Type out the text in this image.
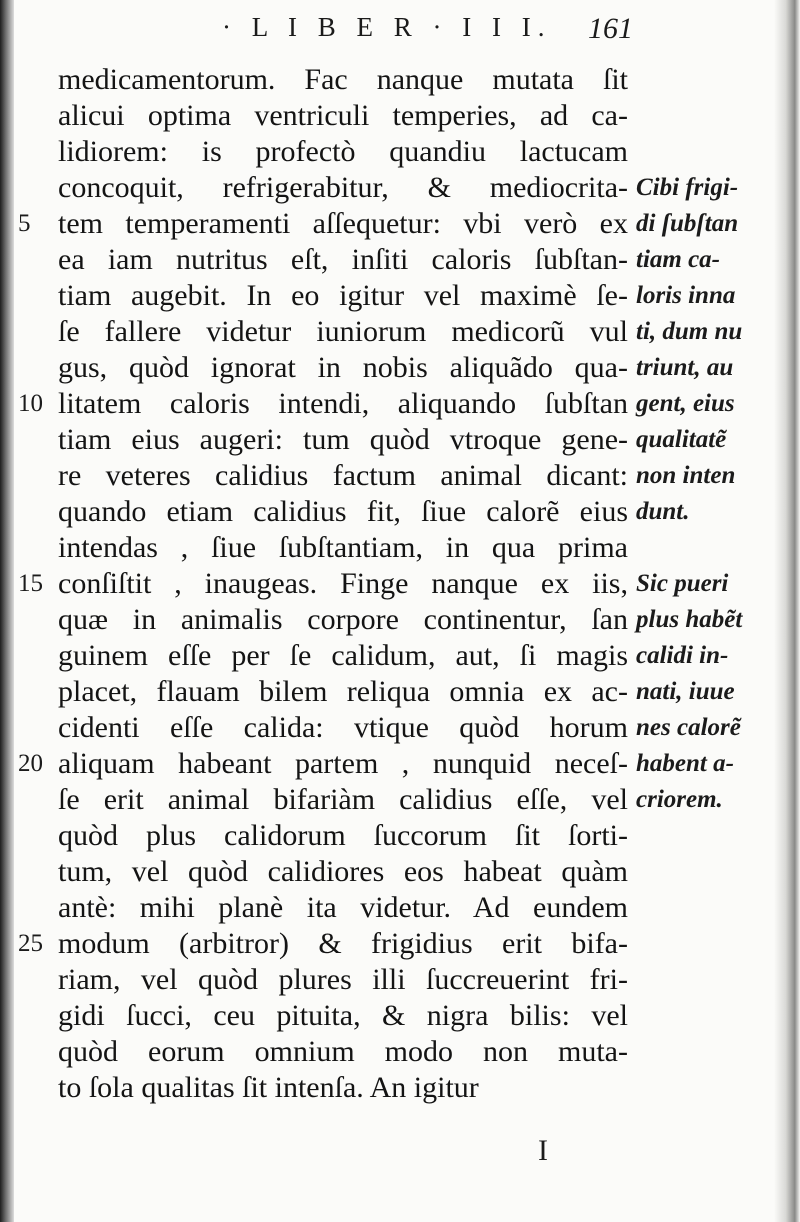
· L I B E R · I I I. 161
medicamentorum. Fac nanque mutata ſit
alicui optima ventriculi temperies, ad ca-
lidiorem: is profectò quandiu lactucam
concoquit, refrigerabitur, & mediocrita-
tem temperamenti aſſequetur: vbi verò ex
ea iam nutritus eſt, inſiti caloris ſubſtan-
tiam augebit. In eo igitur vel maximè ſe-
ſe fallere videtur iuniorum medicorũ vul
gus, quòd ignorat in nobis aliquãdo qua-
litatem caloris intendi, aliquando ſubſtan
tiam eius augeri: tum quòd vtroque gene-
re veteres calidius factum animal dicant:
quando etiam calidius fit, ſiue calorẽ eius
intendas , ſiue ſubſtantiam, in qua prima
conſiſtit , inaugeas. Finge nanque ex iis,
quæ in animalis corpore continentur, ſan
guinem eſſe per ſe calidum, aut, ſi magis
placet, flauam bilem reliqua omnia ex ac-
cidenti eſſe calida: vtique quòd horum
aliquam habeant partem , nunquid neceſ-
ſe erit animal bifariàm calidius eſſe, vel
quòd plus calidorum ſuccorum ſit ſorti-
tum, vel quòd calidiores eos habeat quàm
antè: mihi planè ita videtur. Ad eundem
modum (arbitror) & frigidius erit bifa-
riam, vel quòd plures illi ſuccreuerint fri-
gidi ſucci, ceu pituita, & nigra bilis: vel
quòd eorum omnium modo non muta-
to ſola qualitas ſit intenſa. An igitur
5
10
15
20
25
Cibi frigi-
di ſubſtan
tiam ca-
loris inna
ti, dum nu
triunt, au
gent, eius
qualitatẽ
non inten
dunt.
Sic pueri
plus habẽt
calidi in-
nati, iuue
nes calorẽ
habent a-
criorem.
I
